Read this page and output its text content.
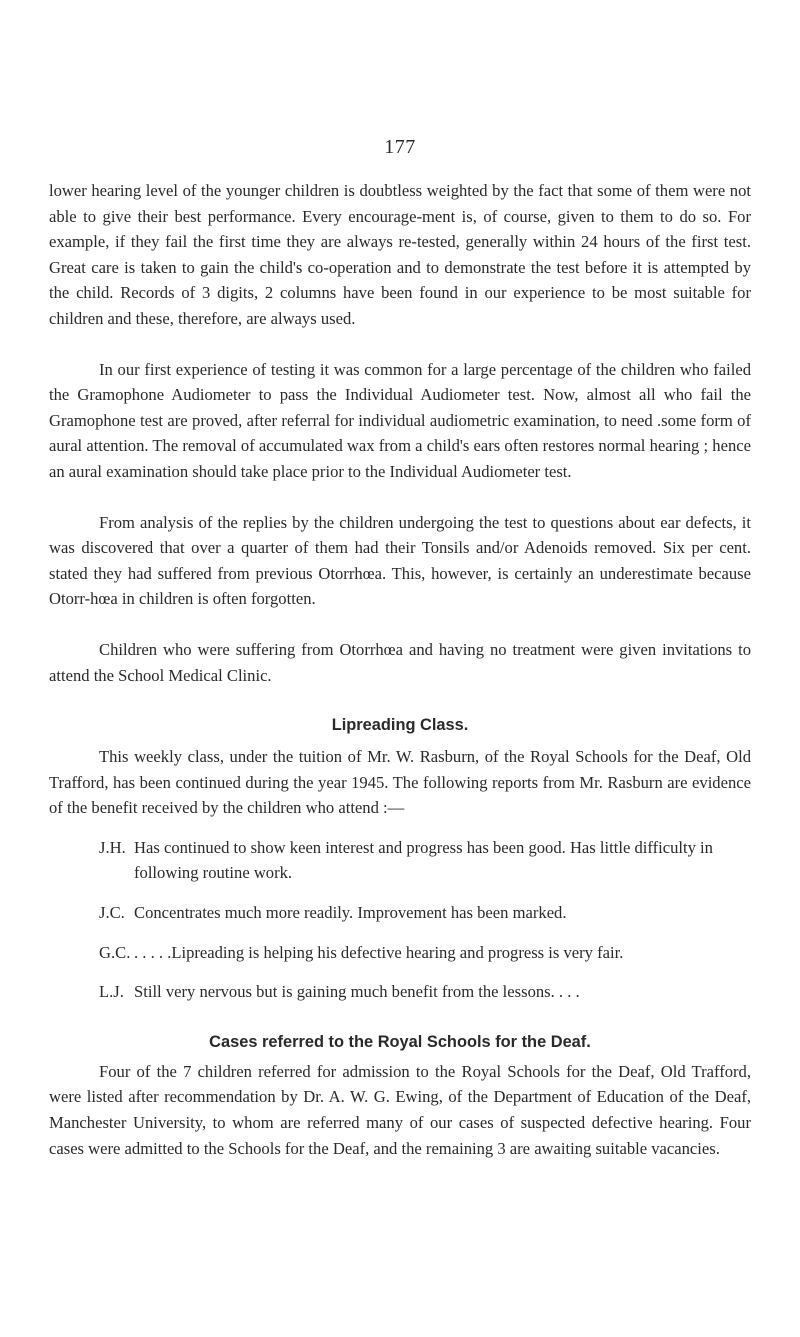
177

lower hearing level of the younger children is doubtless weighted by the fact that some of them were not able to give their best performance. Every encourage-ment is, of course, given to them to do so. For example, if they fail the first time they are always re-tested, generally within 24 hours of the first test. Great care is taken to gain the child's co-operation and to demonstrate the test before it is attempted by the child. Records of 3 digits, 2 columns have been found in our experience to be most suitable for children and these, therefore, are always used.

In our first experience of testing it was common for a large percentage of the children who failed the Gramophone Audiometer to pass the Individual Audiometer test. Now, almost all who fail the Gramophone test are proved, after referral for individual audiometric examination, to need .some form of aural attention. The removal of accumulated wax from a child's ears often restores normal hearing ; hence an aural examination should take place prior to the Individual Audiometer test.

From analysis of the replies by the children undergoing the test to questions about ear defects, it was discovered that over a quarter of them had their Tonsils and/or Adenoids removed. Six per cent. stated they had suffered from previous Otorrhœa. This, however, is certainly an underestimate because Otorr-hœa in children is often forgotten.

Children who were suffering from Otorrhœa and having no treatment were given invitations to attend the School Medical Clinic.

Lipreading Class.

This weekly class, under the tuition of Mr. W. Rasburn, of the Royal Schools for the Deaf, Old Trafford, has been continued during the year 1945. The following reports from Mr. Rasburn are evidence of the benefit received by the children who attend :—

J.H. Has continued to show keen interest and progress has been good. Has little difficulty in following routine work.
J.C. Concentrates much more readily. Improvement has been marked.
G.C. . . . . .Lipreading is helping his defective hearing and progress is very fair.
L.J. Still very nervous but is gaining much benefit from the lessons. . . .
Cases referred to the Royal Schools for the Deaf.

Four of the 7 children referred for admission to the Royal Schools for the Deaf, Old Trafford, were listed after recommendation by Dr. A. W. G. Ewing, of the Department of Education of the Deaf, Manchester University, to whom are referred many of our cases of suspected defective hearing. Four cases were admitted to the Schools for the Deaf, and the remaining 3 are awaiting suitable vacancies.
